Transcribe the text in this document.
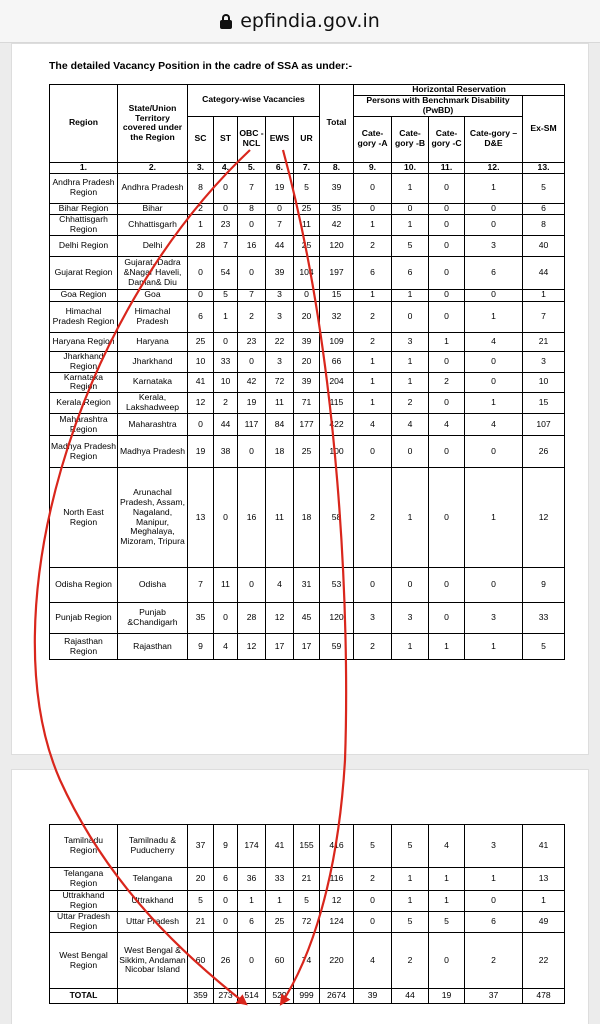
epfindia.gov.in
The detailed Vacancy Position in the cadre of SSA as under:-
Region	State/Union Territory covered under the Region	Category-wise Vacancies					Total	Horizontal Reservation				
								Persons with Benchmark Disability (PwBD)				Ex-SM
		SC	ST	OBC -NCL	EWS	UR		Cate-gory -A	Cate-gory -B	Cate-gory -C	Cate-gory –D&E	
1.	2.	3.	4.	5.	6.	7.	8.	9.	10.	11.	12.	13.
Andhra Pradesh Region	Andhra Pradesh	8	0	7	19	5	39	0	1	0	1	5
Bihar Region	Bihar	2	0	8	0	25	35	0	0	0	0	6
Chhattisgarh Region	Chhattisgarh	1	23	0	7	11	42	1	1	0	0	8
Delhi Region	Delhi	28	7	16	44	25	120	2	5	0	3	40
Gujarat Region	Gujarat, Dadra &Nagar Haveli, Daman& Diu	0	54	0	39	104	197	6	6	0	6	44
Goa Region	Goa	0	5	7	3	0	15	1	1	0	0	1
Himachal Pradesh Region	Himachal Pradesh	6	1	2	3	20	32	2	0	0	1	7
Haryana Region	Haryana	25	0	23	22	39	109	2	3	1	4	21
Jharkhand Region	Jharkhand	10	33	0	3	20	66	1	1	0	0	3
Karnataka Region	Karnataka	41	10	42	72	39	204	1	1	2	0	10
Kerala Region	Kerala, Lakshadweep	12	2	19	11	71	115	1	2	0	1	15
Maharashtra Region	Maharashtra	0	44	117	84	177	422	4	4	4	4	107
Madhya Pradesh Region	Madhya Pradesh	19	38	0	18	25	100	0	0	0	0	26
North East Region	Arunachal Pradesh, Assam, Nagaland, Manipur, Meghalaya, Mizoram, Tripura	13	0	16	11	18	58	2	1	0	1	12
Odisha Region	Odisha	7	11	0	4	31	53	0	0	0	0	9
Punjab Region	Punjab &Chandigarh	35	0	28	12	45	120	3	3	0	3	33
Rajasthan Region	Rajasthan	9	4	12	17	17	59	2	1	1	1	5
Tamilnadu Region	Tamilnadu & Puducherry	37	9	174	41	155	416	5	5	4	3	41
Telangana Region	Telangana	20	6	36	33	21	116	2	1	1	1	13
Uttrakhand Region	Uttrakhand	5	0	1	1	5	12	0	1	1	0	1
Uttar Pradesh Region	Uttar Pradesh	21	0	6	25	72	124	0	5	5	6	49
West Bengal Region	West Bengal & Sikkim, Andaman Nicobar Island	60	26	0	60	74	220	4	2	0	2	22
TOTAL		359	273	514	529	999	2674	39	44	19	37	478
